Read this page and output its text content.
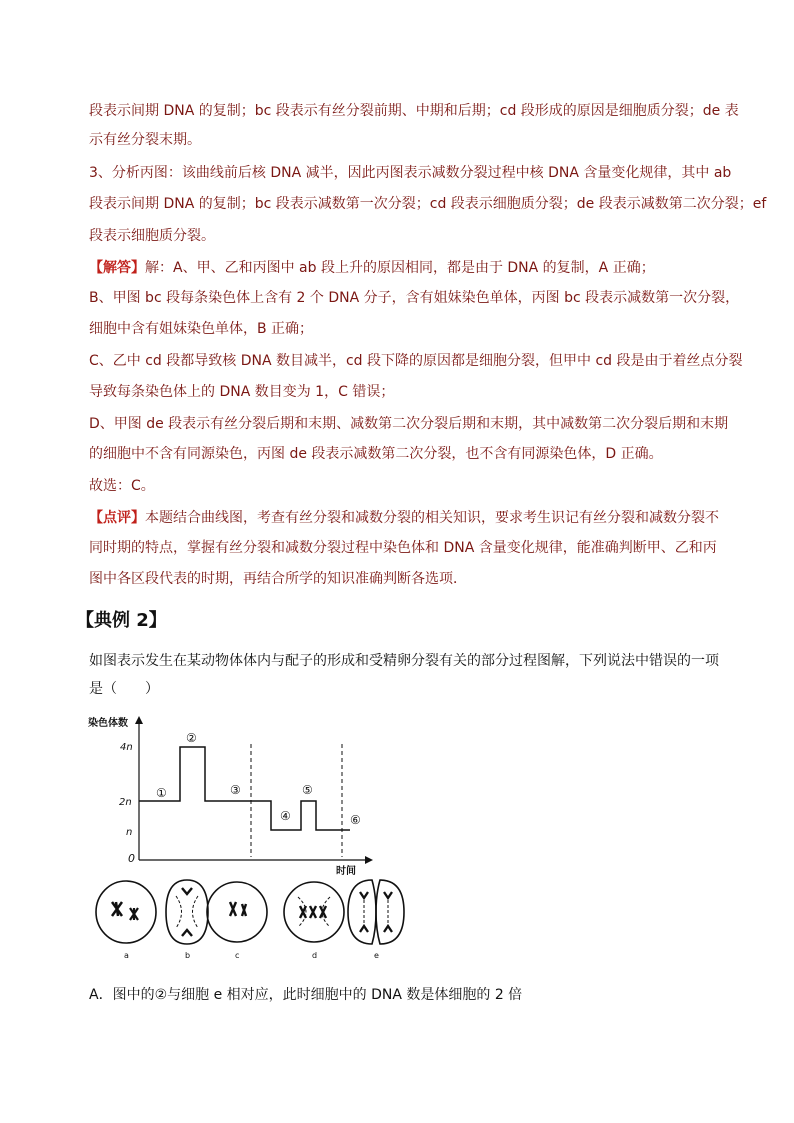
段表示间期 DNA 的复制；bc 段表示有丝分裂前期、中期和后期；cd 段形成的原因是细胞质分裂；de 表
示有丝分裂末期。
3、分析丙图：该曲线前后核 DNA 减半，因此丙图表示减数分裂过程中核 DNA 含量变化规律，其中 ab
段表示间期 DNA 的复制；bc 段表示减数第一次分裂；cd 段表示细胞质分裂；de 段表示减数第二次分裂；ef
段表示细胞质分裂。
【解答】解：A、甲、乙和丙图中 ab 段上升的原因相同，都是由于 DNA 的复制，A 正确；
B、甲图 bc 段每条染色体上含有 2 个 DNA 分子，含有姐妹染色单体，丙图 bc 段表示减数第一次分裂，
细胞中含有姐妹染色单体，B 正确；
C、乙中 cd 段都导致核 DNA 数目减半，cd 段下降的原因都是细胞分裂，但甲中 cd 段是由于着丝点分裂
导致每条染色体上的 DNA 数目变为 1，C 错误；
D、甲图 de 段表示有丝分裂后期和末期、减数第二次分裂后期和末期，其中减数第二次分裂后期和末期
的细胞中不含有同源染色，丙图 de 段表示减数第二次分裂，也不含有同源染色体，D 正确。
故选：C。
【点评】本题结合曲线图，考查有丝分裂和减数分裂的相关知识，要求考生识记有丝分裂和减数分裂不
同时期的特点，掌握有丝分裂和减数分裂过程中染色体和 DNA 含量变化规律，能准确判断甲、乙和丙
图中各区段代表的时期，再结合所学的知识准确判断各选项．
【典例 2】
如图表示发生在某动物体体内与配子的形成和受精卵分裂有关的部分过程图解，下列说法中错误的一项
是（　　）
染色体数
时间
4n
2n
n
0
①
②
③
④
⑤
⑥
a	b	c	d	e
A．图中的②与细胞 e 相对应，此时细胞中的 DNA 数是体细胞的 2 倍
